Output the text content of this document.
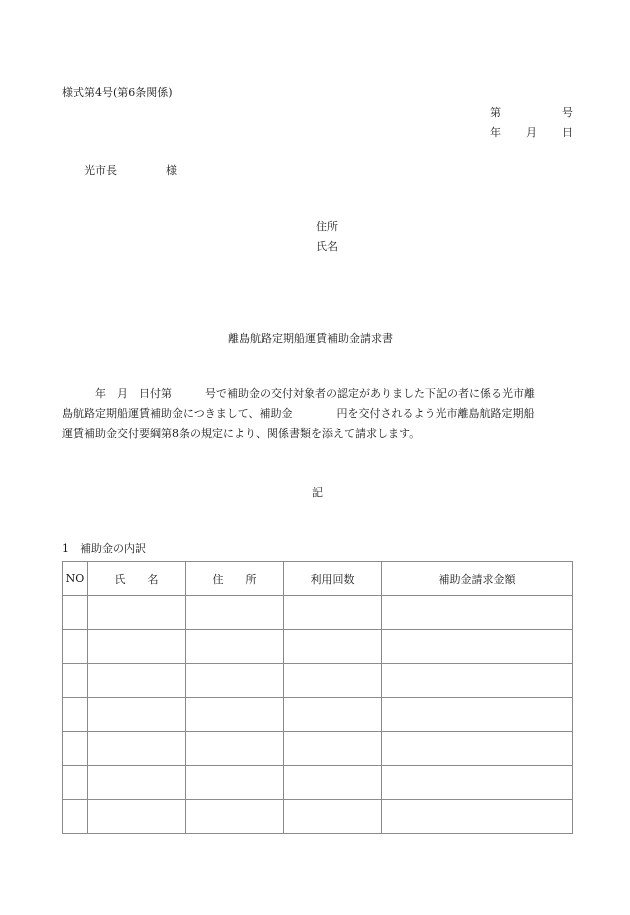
様式第4号(第6条関係)
第	号
年 月 日
光市長	様
住所
氏名
離島航路定期船運賃補助金請求書
　　　年　月　日付第　　　号で補助金の交付対象者の認定がありました下記の者に係る光市離
島航路定期船運賃補助金につきまして、補助金　　　　円を交付されるよう光市離島航路定期船
運賃補助金交付要綱第8条の規定により、関係書類を添えて請求します。
記
1　補助金の内訳
NO	氏　　名	住　　所	利用回数	補助金請求金額
